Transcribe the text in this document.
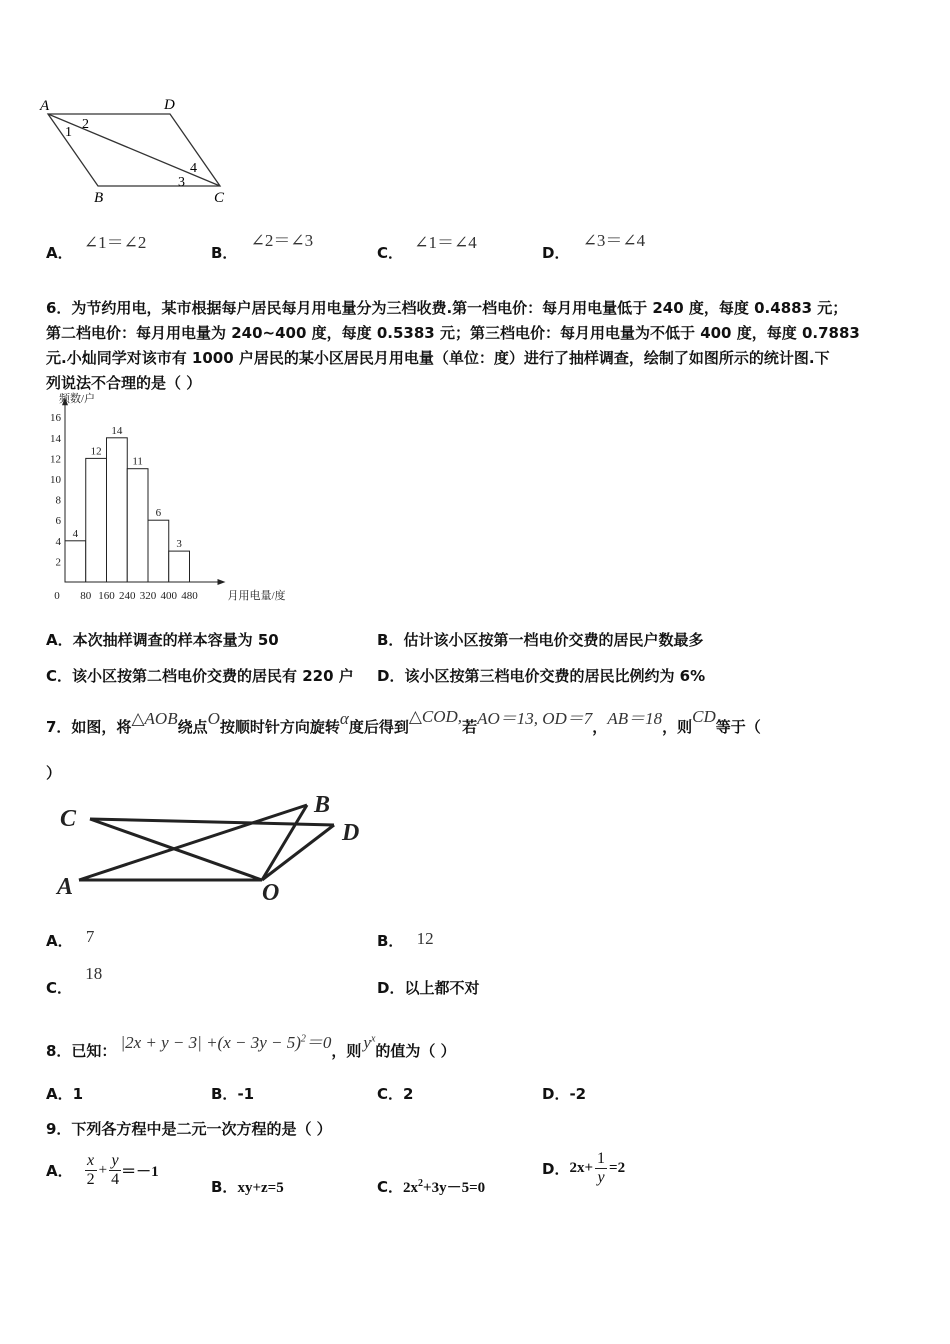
A	D
B	C
1
2
3
4
A． ∠1＝∠2
B． ∠2＝∠3
C． ∠1＝∠4
D． ∠3＝∠4
6．为节约用电，某市根据每户居民每月用电量分为三档收费.第一档电价：每月用电量低于 240 度，每度 0.4883 元；
第二档电价：每月用电量为 240~400 度，每度 0.5383 元；第三档电价：每月用电量为不低于 400 度，每度 0.7883
元.小灿同学对该市有 1000 户居民的某小区居民月用电量（单位：度）进行了抽样调查，绘制了如图所示的统计图.下
列说法不合理的是（ ）
2
4
6
8
10
12
14
16
0 80 160 240 320 400 480
4
12
14
11
6
3
频数/户
月用电量/度
A．本次抽样调查的样本容量为 50	B．估计该小区按第一档电价交费的居民户数最多
C．该小区按第二档电价交费的居民有 220 户 D．该小区按第三档电价交费的居民比例约为 6%
7．如图，将△AOB绕点O按顺时针方向旋转α度后得到△COD,若AO＝13, OD＝7，AB＝18，则CD等于（
）
C
B
D
A	O
A． 7	B． 12
C． 18
D．以上都不对
8．已知： $|2x + y - 3| +(x - 3y - 5)^2=0$，则 $y^x$的值为（ ）
A．1	B．-1	C．2	D．-2
9．下列各方程中是二元一次方程的是（ ）
A． $\frac{x}{2} + \frac{y}{4} =-1$
B．xy+z=5	C．$2x^2+3y-5=0$
D． $2x+ \frac{1}{y} =2$
